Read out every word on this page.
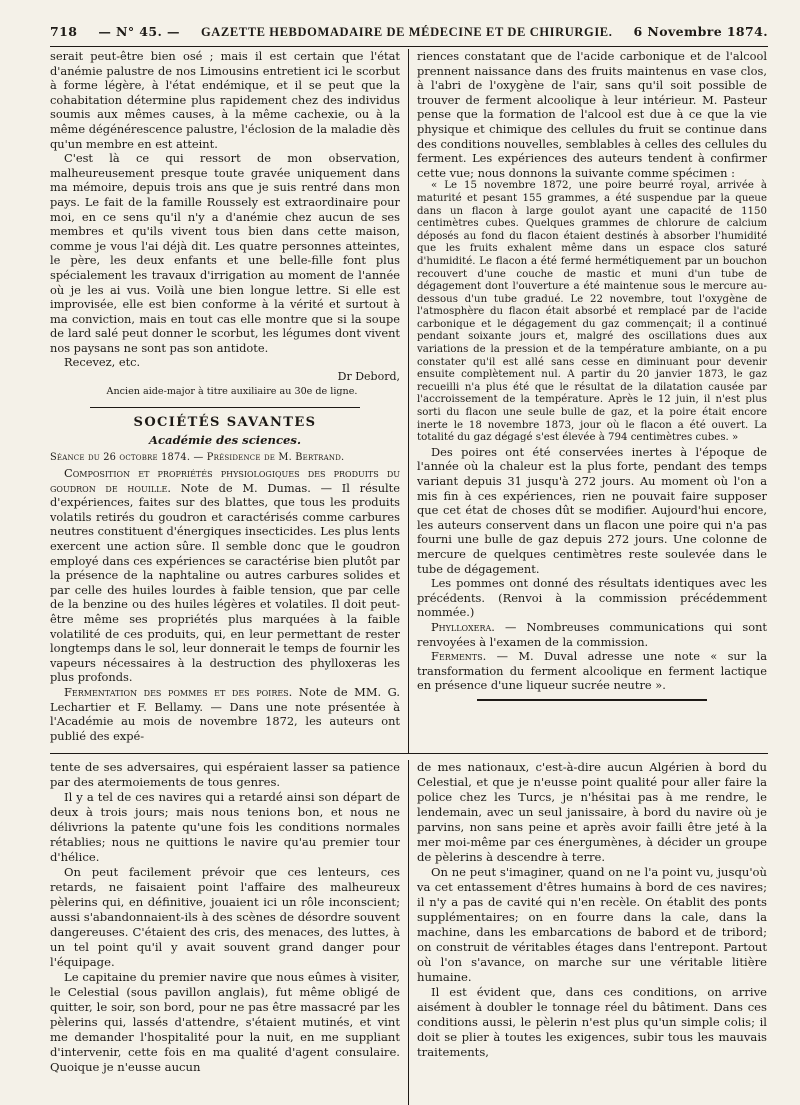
718 — N° 45. — GAZETTE HEBDOMADAIRE DE MÉDECINE ET DE CHIRURGIE. 6 Novembre 1874.

serait peut-être bien osé ; mais il est certain que l'état d'anémie palustre de nos Limousins entretient ici le scorbut à forme légère, à l'état endémique, et il se peut que la cohabitation détermine plus rapidement chez des individus soumis aux mêmes causes, à la même cachexie, ou à la même dégénérescence palustre, l'éclosion de la maladie dès qu'un membre en est atteint.

C'est là ce qui ressort de mon observation, malheureusement presque toute gravée uniquement dans ma mémoire, depuis trois ans que je suis rentré dans mon pays. Le fait de la famille Roussely est extraordinaire pour moi, en ce sens qu'il n'y a d'anémie chez aucun de ses membres et qu'ils vivent tous bien dans cette maison, comme je vous l'ai déjà dit. Les quatre personnes atteintes, le père, les deux enfants et une belle-fille font plus spécialement les travaux d'irrigation au moment de l'année où je les ai vus. Voilà une bien longue lettre. Si elle est improvisée, elle est bien conforme à la vérité et surtout à ma conviction, mais en tout cas elle montre que si la soupe de lard salé peut donner le scorbut, les légumes dont vivent nos paysans ne sont pas son antidote.

Recevez, etc.

Dr Debord,

Ancien aide-major à titre auxiliaire au 30e de ligne.

SOCIÉTÉS SAVANTES
Académie des sciences.

Séance du 26 octobre 1874. — Présidence de M. Bertrand.

Composition et propriétés physiologiques des produits du goudron de houille. Note de M. Dumas. — Il résulte d'expériences, faites sur des blattes, que tous les produits volatils retirés du goudron et caractérisés comme carbures neutres constituent d'énergiques insecticides. Les plus lents exercent une action sûre. Il semble donc que le goudron employé dans ces expériences se caractérise bien plutôt par la présence de la naphtaline ou autres carbures solides et par celle des huiles lourdes à faible tension, que par celle de la benzine ou des huiles légères et volatiles. Il doit peut-être même ses propriétés plus marquées à la faible volatilité de ces produits, qui, en leur permettant de rester longtemps dans le sol, leur donnerait le temps de fournir les vapeurs nécessaires à la destruction des phylloxeras les plus profonds.

Fermentation des pommes et des poires. Note de MM. G. Lechartier et F. Bellamy. — Dans une note présentée à l'Académie au mois de novembre 1872, les auteurs ont publié des expé-

riences constatant que de l'acide carbonique et de l'alcool prennent naissance dans des fruits maintenus en vase clos, à l'abri de l'oxygène de l'air, sans qu'il soit possible de trouver de ferment alcoolique à leur intérieur. M. Pasteur pense que la formation de l'alcool est due à ce que la vie physique et chimique des cellules du fruit se continue dans des conditions nouvelles, semblables à celles des cellules du ferment. Les expériences des auteurs tendent à confirmer cette vue; nous donnons la suivante comme spécimen :

« Le 15 novembre 1872, une poire beurré royal, arrivée à maturité et pesant 155 grammes, a été suspendue par la queue dans un flacon à large goulot ayant une capacité de 1150 centimètres cubes. Quelques grammes de chlorure de calcium déposés au fond du flacon étaient destinés à absorber l'humidité que les fruits exhalent même dans un espace clos saturé d'humidité. Le flacon a été fermé hermétiquement par un bouchon recouvert d'une couche de mastic et muni d'un tube de dégagement dont l'ouverture a été maintenue sous le mercure au-dessous d'un tube gradué. Le 22 novembre, tout l'oxygène de l'atmosphère du flacon était absorbé et remplacé par de l'acide carbonique et le dégagement du gaz commençait; il a continué pendant soixante jours et, malgré des oscillations dues aux variations de la pression et de la température ambiante, on a pu constater qu'il est allé sans cesse en diminuant pour devenir ensuite complètement nul. A partir du 20 janvier 1873, le gaz recueilli n'a plus été que le résultat de la dilatation causée par l'accroissement de la température. Après le 12 juin, il n'est plus sorti du flacon une seule bulle de gaz, et la poire était encore inerte le 18 novembre 1873, jour où le flacon a été ouvert. La totalité du gaz dégagé s'est élevée à 794 centimètres cubes. »

Des poires ont été conservées inertes à l'époque de l'année où la chaleur est la plus forte, pendant des temps variant depuis 31 jusqu'à 272 jours. Au moment où l'on a mis fin à ces expériences, rien ne pouvait faire supposer que cet état de choses dût se modifier. Aujourd'hui encore, les auteurs conservent dans un flacon une poire qui n'a pas fourni une bulle de gaz depuis 272 jours. Une colonne de mercure de quelques centimètres reste soulevée dans le tube de dégagement.

Les pommes ont donné des résultats identiques avec les précédents. (Renvoi à la commission précédemment nommée.)

Phylloxera. — Nombreuses communications qui sont renvoyées à l'examen de la commission.

Ferments. — M. Duval adresse une note « sur la transformation du ferment alcoolique en ferment lactique en présence d'une liqueur sucrée neutre ».

tente de ses adversaires, qui espéraient lasser sa patience par des atermoiements de tous genres.

Il y a tel de ces navires qui a retardé ainsi son départ de deux à trois jours; mais nous tenions bon, et nous ne délivrions la patente qu'une fois les conditions normales rétablies; nous ne quittions le navire qu'au premier tour d'hélice.

On peut facilement prévoir que ces lenteurs, ces retards, ne faisaient point l'affaire des malheureux pèlerins qui, en définitive, jouaient ici un rôle inconscient; aussi s'abandonnaient-ils à des scènes de désordre souvent dangereuses. C'étaient des cris, des menaces, des luttes, à un tel point qu'il y avait souvent grand danger pour l'équipage.

Le capitaine du premier navire que nous eûmes à visiter, le Celestial (sous pavillon anglais), fut même obligé de quitter, le soir, son bord, pour ne pas être massacré par les pèlerins qui, lassés d'attendre, s'étaient mutinés, et vint me demander l'hospitalité pour la nuit, en me suppliant d'intervenir, cette fois en ma qualité d'agent consulaire. Quoique je n'eusse aucun

de mes nationaux, c'est-à-dire aucun Algérien à bord du Celestial, et que je n'eusse point qualité pour aller faire la police chez les Turcs, je n'hésitai pas à me rendre, le lendemain, avec un seul janissaire, à bord du navire où je parvins, non sans peine et après avoir failli être jeté à la mer moi-même par ces énergumènes, à décider un groupe de pèlerins à descendre à terre.

On ne peut s'imaginer, quand on ne l'a point vu, jusqu'où va cet entassement d'êtres humains à bord de ces navires; il n'y a pas de cavité qui n'en recèle. On établit des ponts supplémentaires; on en fourre dans la cale, dans la machine, dans les embarcations de babord et de tribord; on construit de véritables étages dans l'entrepont. Partout où l'on s'avance, on marche sur une véritable litière humaine.

Il est évident que, dans ces conditions, on arrive aisément à doubler le tonnage réel du bâtiment. Dans ces conditions aussi, le pèlerin n'est plus qu'un simple colis; il doit se plier à toutes les exigences, subir tous les mauvais traitements,
